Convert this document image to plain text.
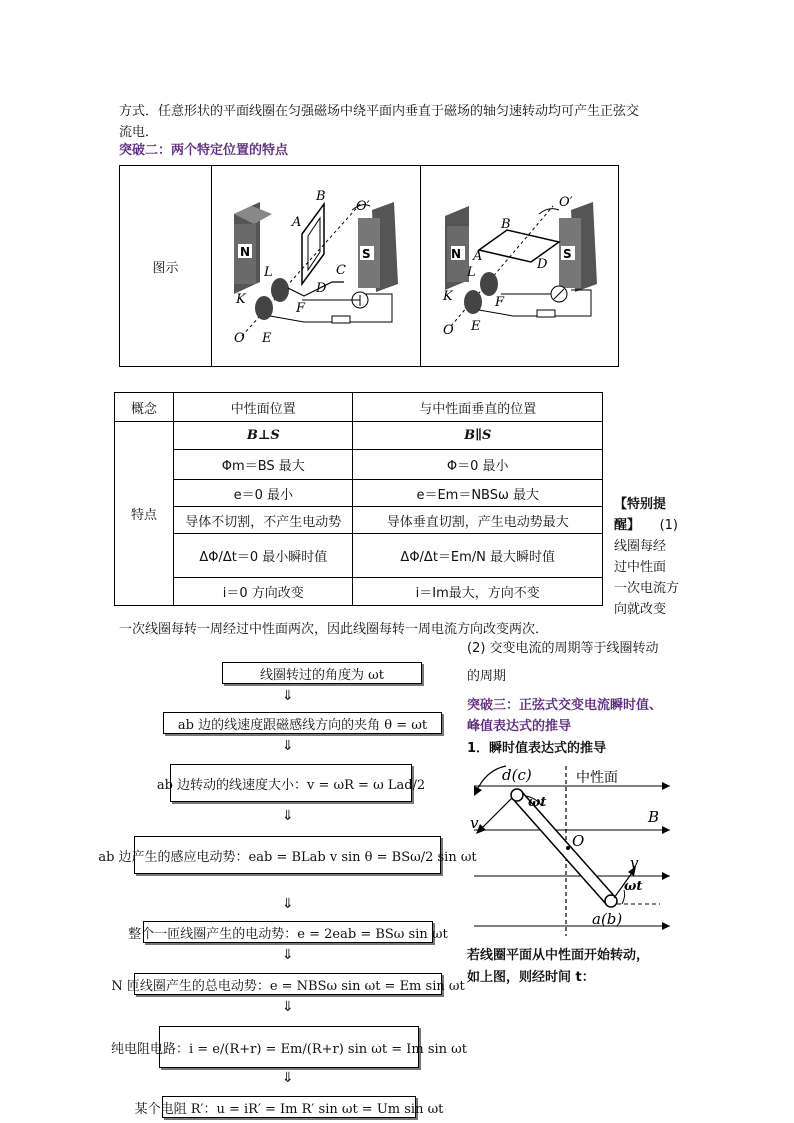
方式．任意形状的平面线圈在匀强磁场中绕平面内垂直于磁场的轴匀速转动均可产生正弦交
流电．
突破二：两个特定位置的特点
图示
B
O′
A
N	S
C
L
D
K
F
O E
O′
B
N A
D
S
L
K	F
O E
概念	中性面位置	与中性面垂直的位置
特点	B⊥S	B∥S
	Φm＝BS 最大	Φ＝0 最小
	e＝0 最小	e＝Em＝NBSω 最大
	导体不切割，不产生电动势	导体垂直切割，产生电动势最大
	ΔΦ/Δt＝0 最小瞬时值	ΔΦ/Δt＝Em/N 最大瞬时值
	i＝0 方向改变	i＝Im最大，方向不变
【特别提醒】	(1)
线圈每经
过中性面
一次电流方
向就改变
一次线圈每转一周经过中性面两次，因此线圈每转一周电流方向改变两次．
(2) 交变电流的周期等于线圈转动
的周期
突破三：正弦式交变电流瞬时值、
峰值表达式的推导
1．瞬时值表达式的推导
d(c)	中性面
ωt
B
v
O
v
ωt
a(b)
若线圈平面从中性面开始转动，
如上图，则经时间 t：
线圈转过的角度为 ωt
⇓
ab 边的线速度跟磁感线方向的夹角 θ = ωt
⇓
ab 边转动的线速度大小：v = ωR = ω Lad/2
⇓
ab 边产生的感应电动势：eab = BLab v sin θ = BSω/2 sin ωt
⇓
整个一匝线圈产生的电动势：e = 2eab = BSω sin ωt
⇓
N 匝线圈产生的总电动势：e = NBSω sin ωt = Em sin ωt
⇓
纯电阻电路：i = e/(R+r) = Em/(R+r) sin ωt = Im sin ωt
⇓
某个电阻 R′：u = iR′ = Im R′ sin ωt = Um sin ωt
